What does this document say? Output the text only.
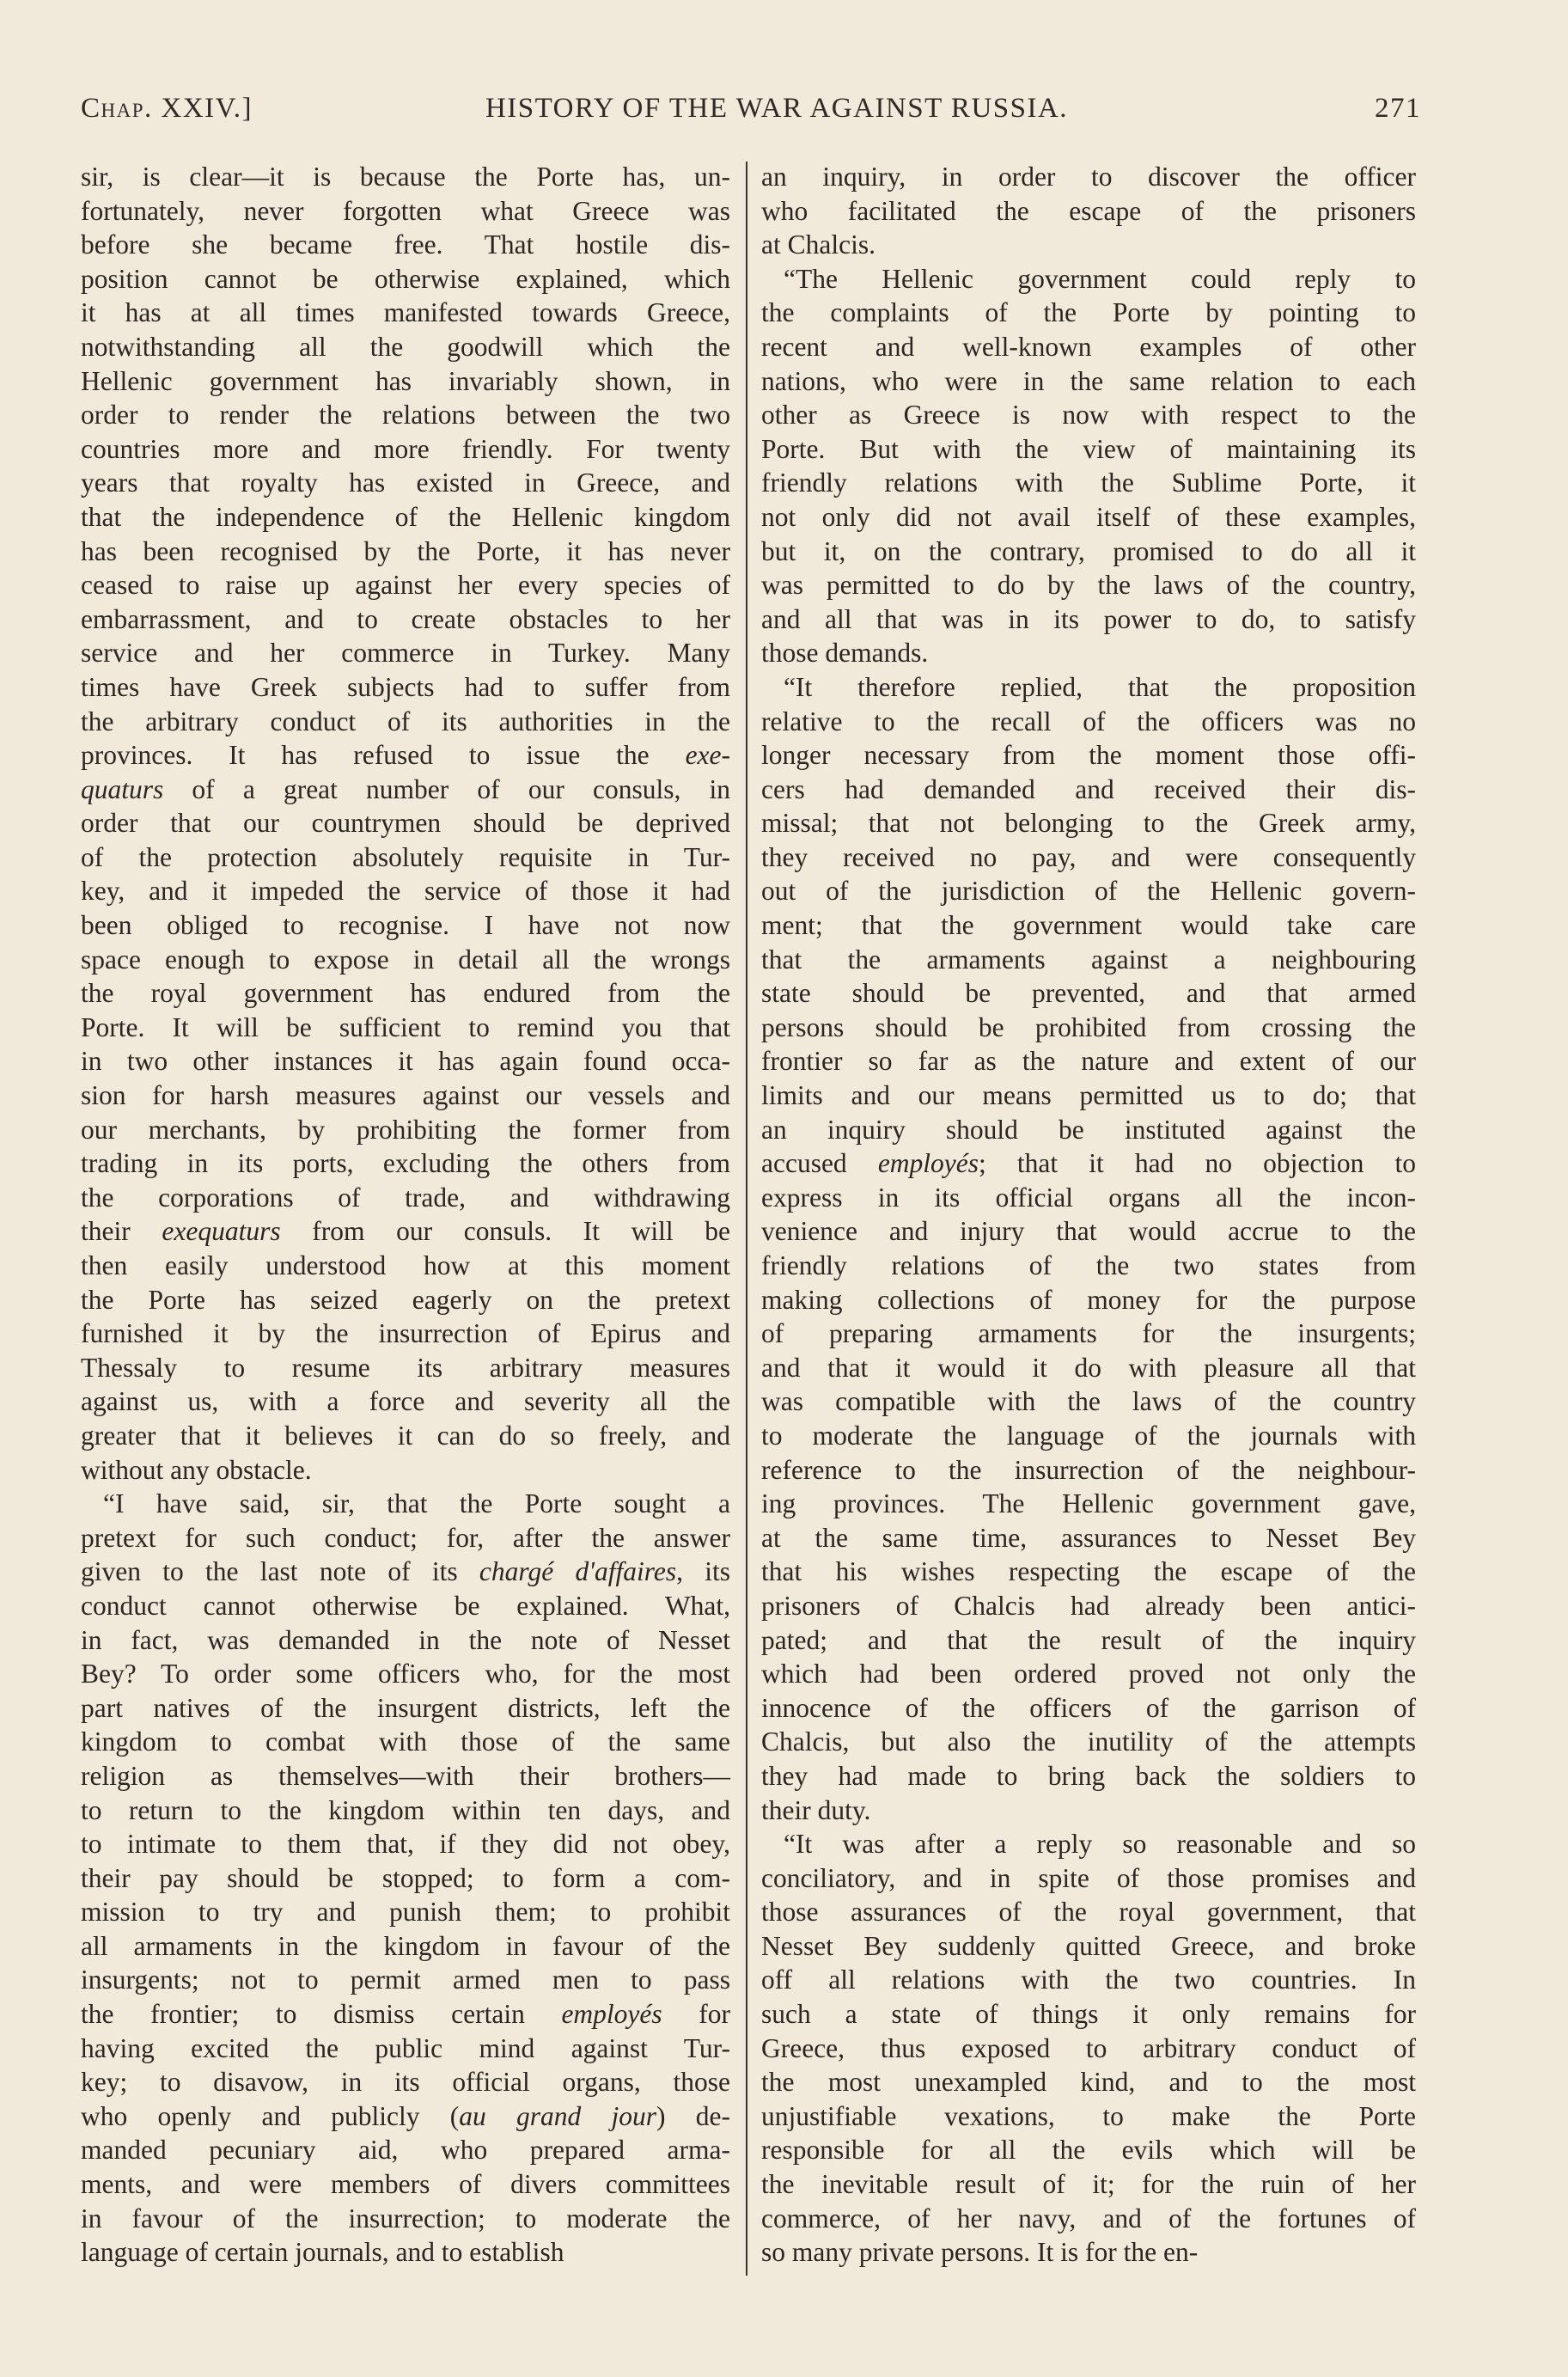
Chap. XXIV.]	HISTORY OF THE WAR AGAINST RUSSIA.	271

sir, is clear—it is because the Porte has, un-
fortunately, never forgotten what Greece was
before she became free. That hostile dis-
position cannot be otherwise explained, which
it has at all times manifested towards Greece,
notwithstanding all the goodwill which the
Hellenic government has invariably shown, in
order to render the relations between the two
countries more and more friendly. For twenty
years that royalty has existed in Greece, and
that the independence of the Hellenic kingdom
has been recognised by the Porte, it has never
ceased to raise up against her every species of
embarrassment, and to create obstacles to her
service and her commerce in Turkey. Many
times have Greek subjects had to suffer from
the arbitrary conduct of its authorities in the
provinces. It has refused to issue the exe-
quaturs of a great number of our consuls, in
order that our countrymen should be deprived
of the protection absolutely requisite in Tur-
key, and it impeded the service of those it had
been obliged to recognise. I have not now
space enough to expose in detail all the wrongs
the royal government has endured from the
Porte. It will be sufficient to remind you that
in two other instances it has again found occa-
sion for harsh measures against our vessels and
our merchants, by prohibiting the former from
trading in its ports, excluding the others from
the corporations of trade, and withdrawing
their exequaturs from our consuls. It will be
then easily understood how at this moment
the Porte has seized eagerly on the pretext
furnished it by the insurrection of Epirus and
Thessaly to resume its arbitrary measures
against us, with a force and severity all the
greater that it believes it can do so freely, and
without any obstacle.

“I have said, sir, that the Porte sought a
pretext for such conduct; for, after the answer
given to the last note of its chargé d'affaires, its
conduct cannot otherwise be explained. What,
in fact, was demanded in the note of Nesset
Bey? To order some officers who, for the most
part natives of the insurgent districts, left the
kingdom to combat with those of the same
religion as themselves—with their brothers—
to return to the kingdom within ten days, and
to intimate to them that, if they did not obey,
their pay should be stopped; to form a com-
mission to try and punish them; to prohibit
all armaments in the kingdom in favour of the
insurgents; not to permit armed men to pass
the frontier; to dismiss certain employés for
having excited the public mind against Tur-
key; to disavow, in its official organs, those
who openly and publicly (au grand jour) de-
manded pecuniary aid, who prepared arma-
ments, and were members of divers committees
in favour of the insurrection; to moderate the
language of certain journals, and to establish

an inquiry, in order to discover the officer
who facilitated the escape of the prisoners
at Chalcis.

“The Hellenic government could reply to
the complaints of the Porte by pointing to
recent and well-known examples of other
nations, who were in the same relation to each
other as Greece is now with respect to the
Porte. But with the view of maintaining its
friendly relations with the Sublime Porte, it
not only did not avail itself of these examples,
but it, on the contrary, promised to do all it
was permitted to do by the laws of the country,
and all that was in its power to do, to satisfy
those demands.

“It therefore replied, that the proposition
relative to the recall of the officers was no
longer necessary from the moment those offi-
cers had demanded and received their dis-
missal; that not belonging to the Greek army,
they received no pay, and were consequently
out of the jurisdiction of the Hellenic govern-
ment; that the government would take care
that the armaments against a neighbouring
state should be prevented, and that armed
persons should be prohibited from crossing the
frontier so far as the nature and extent of our
limits and our means permitted us to do; that
an inquiry should be instituted against the
accused employés; that it had no objection to
express in its official organs all the incon-
venience and injury that would accrue to the
friendly relations of the two states from
making collections of money for the purpose
of preparing armaments for the insurgents;
and that it would it do with pleasure all that
was compatible with the laws of the country
to moderate the language of the journals with
reference to the insurrection of the neighbour-
ing provinces. The Hellenic government gave,
at the same time, assurances to Nesset Bey
that his wishes respecting the escape of the
prisoners of Chalcis had already been antici-
pated; and that the result of the inquiry
which had been ordered proved not only the
innocence of the officers of the garrison of
Chalcis, but also the inutility of the attempts
they had made to bring back the soldiers to
their duty.

“It was after a reply so reasonable and so
conciliatory, and in spite of those promises and
those assurances of the royal government, that
Nesset Bey suddenly quitted Greece, and broke
off all relations with the two countries. In
such a state of things it only remains for
Greece, thus exposed to arbitrary conduct of
the most unexampled kind, and to the most
unjustifiable vexations, to make the Porte
responsible for all the evils which will be
the inevitable result of it; for the ruin of her
commerce, of her navy, and of the fortunes of
so many private persons. It is for the en-
